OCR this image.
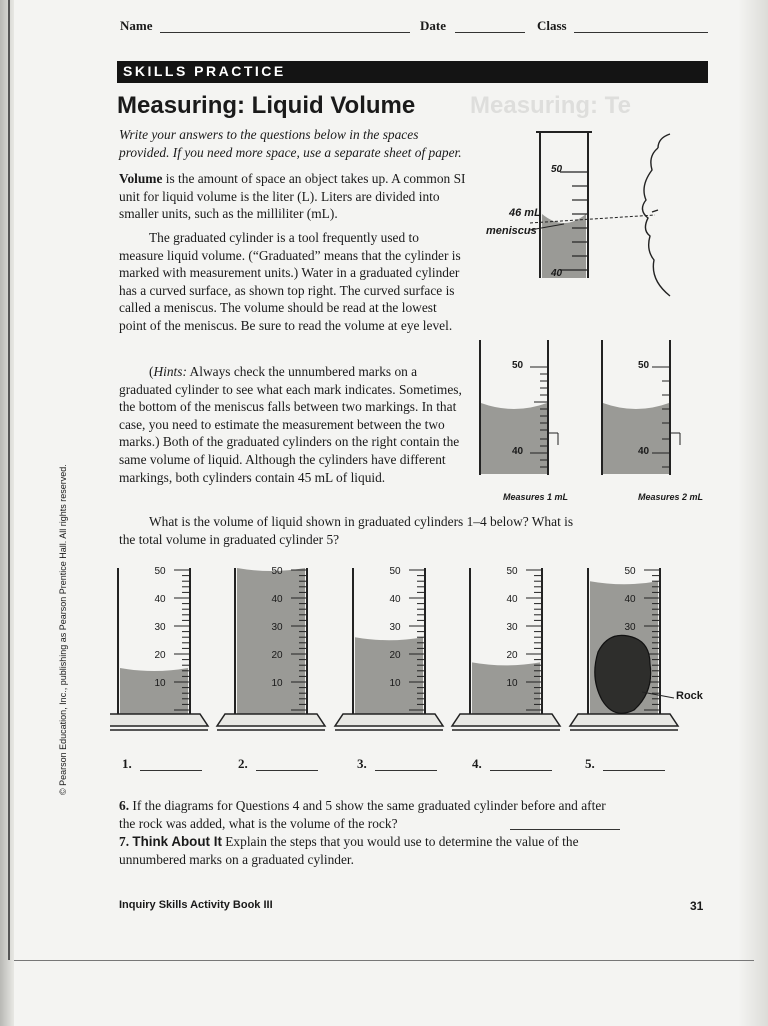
Measuring: Te
Name	Date	Class
SKILLS PRACTICE
Measuring: Liquid Volume
Write your answers to the questions below in the spaces provided. If you need more space, use a separate sheet of paper.
Volume is the amount of space an object takes up. A common SI unit for liquid volume is the liter (L). Liters are divided into smaller units, such as the milliliter (mL).
The graduated cylinder is a tool frequently used to measure liquid volume. (“Graduated” means that the cylinder is marked with measurement units.) Water in a graduated cylinder has a curved surface, as shown top right. The curved surface is called a meniscus. The volume should be read at the lowest point of the meniscus. Be sure to read the volume at eye level.
(Hints: Always check the unnumbered marks on a graduated cylinder to see what each mark indicates. Sometimes, the bottom of the meniscus falls between two markings. In that case, you need to estimate the measurement between the two marks.) Both of the graduated cylinders on the right contain the same volume of liquid. Although the cylinders have different markings, both cylinders contain 45 mL of liquid.
What is the volume of liquid shown in graduated cylinders 1–4 below? What is the total volume in graduated cylinder 5?
50
40
46 mL
meniscus
50
40
Measures 1 mL
50
40
Measures 2 mL
50
40
30
20
10
50
40
30
20
10
50
40
30
20
10
50
40
30
20
10
50
40
30
Rock
1.	2.	3.	4.	5.
6. If the diagrams for Questions 4 and 5 show the same graduated cylinder before and after the rock was added, what is the volume of the rock?
7. Think About It Explain the steps that you would use to determine the value of the unnumbered marks on a graduated cylinder.
Inquiry Skills Activity Book III	31
© Pearson Education, Inc., publishing as Pearson Prentice Hall. All rights reserved.
